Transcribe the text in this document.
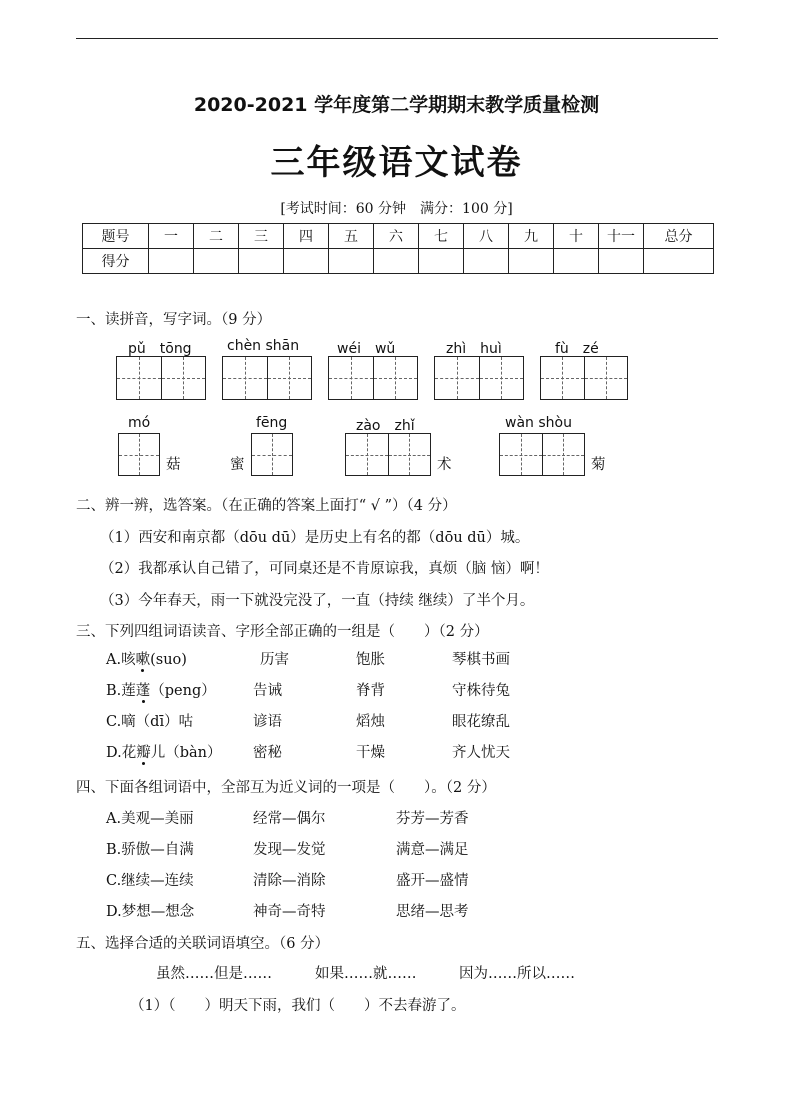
2020-2021 学年度第二学期期末教学质量检测
三年级语文试卷
[考试时间：60 分钟　满分：100 分]
题号	一	二	三	四	五	六	七	八	九	十	十一	总分
得分												
一、读拼音，写字词。（9 分）
pǔ　tōng	chèn shān	wéi　wǔ	zhì　huì	fù　zé
mó
菇	蜜
fēng	zào　zhǐ
术
wàn shòu
菊
二、辨一辨，选答案。（在正确的答案上面打“ √ ”）（4 分）
（1）西安和南京都（dōu dū）是历史上有名的都（dōu dū）城。
（2）我都承认自己错了，可同桌还是不肯原谅我，真烦（脑 恼）啊！
（3）今年春天，雨一下就没完没了，一直（持续 继续）了半个月。
三、下列四组词语读音、字形全部正确的一组是（　　）（2 分）
A.咳嗽(suo)	历害	饱胀	琴棋书画
B.莲蓬（peng）	告诫	脊背	守株待兔
C.嘀（dī）咕	谚语	熖烛	眼花缭乱
D.花瓣儿（bàn） 密秘	干燥	齐人忧天
四、下面各组词语中，全部互为近义词的一项是（　　）。（2 分）
A.美观—美丽	经常—偶尔	芬芳—芳香
B.骄傲—自满	发现—发觉	满意—满足
C.继续—连续	清除—消除	盛开—盛情
D.梦想—想念	神奇—奇特	思绪—思考
五、选择合适的关联词语填空。（6 分）
虽然……但是……	如果……就……	因为……所以……
（1）（　　）明天下雨，我们（　　）不去春游了。
